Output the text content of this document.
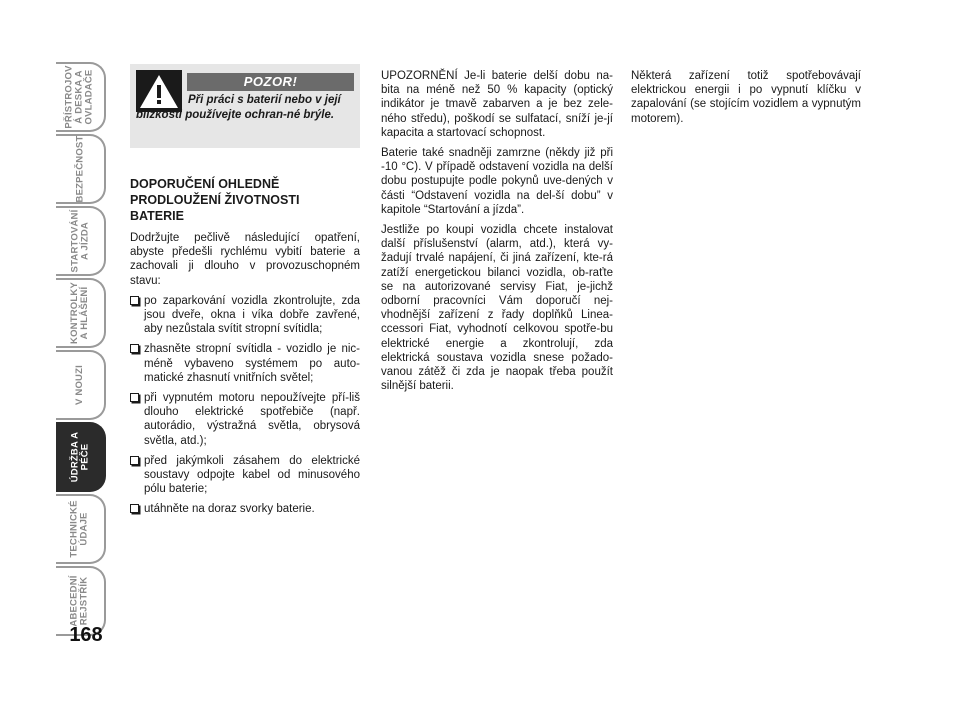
PŘÍSTROJOV
Á DESKA A
OVLADAČE
BEZPEČNOST
STARTOVÁNÍ
A JÍZDA
KONTROLKY
A HLÁŠENÍ
V NOUZI
ÚDRŽBA A
PÉČE
TECHNICKÉ
ÚDAJE
ABECEDNÍ
REJSTŘÍK
168
POZOR!
Při práci s baterií nebo v její blízkosti používejte ochran-né brýle.
DOPORUČENÍ OHLEDNĚ
PRODLOUŽENÍ ŽIVOTNOSTI
BATERIE

Dodržujte pečlivě následující opatření, abyste předešli rychlému vybití baterie a zachovali ji dlouho v provozuschopném stavu:

po zaparkování vozidla zkontrolujte, zda jsou dveře, okna i víka dobře zavřené, aby nezůstala svítit stropní svítidla;
zhasněte stropní svítidla - vozidlo je nic-méně vybaveno systémem po auto-matické zhasnutí vnitřních světel;
při vypnutém motoru nepoužívejte pří-liš dlouho elektrické spotřebiče (např. autorádio, výstražná světla, obrysová světla, atd.);
před jakýmkoli zásahem do elektrické soustavy odpojte kabel od minusového pólu baterie;
utáhněte na doraz svorky baterie.

UPOZORNĚNÍ Je-li baterie delší dobu na-bita na méně než 50 % kapacity (optický indikátor je tmavě zabarven a je bez zele-ného středu), poškodí se sulfatací, sníží je-jí kapacita a startovací schopnost.

Baterie také snadněji zamrzne (někdy již při -10 °C). V případě odstavení vozidla na delší dobu postupujte podle pokynů uve-dených v části “Odstavení vozidla na del-ší dobu” v kapitole “Startování a jízda”.

Jestliže po koupi vozidla chcete instalovat další příslušenství (alarm, atd.), která vy-žadují trvalé napájení, či jiná zařízení, kte-rá zatíží energetickou bilanci vozidla, ob-raťte se na autorizované servisy Fiat, je-jichž odborní pracovníci Vám doporučí nej-vhodnější zařízení z řady doplňků Linea-ccessori Fiat, vyhodnotí celkovou spotře-bu elektrické energie a zkontrolují, zda elektrická soustava vozidla snese požado-vanou zátěž či zda je naopak třeba použít silnější baterii.

Některá zařízení totiž spotřebovávají elektrickou energii i po vypnutí klíčku v zapalování (se stojícím vozidlem a vypnutým motorem).
